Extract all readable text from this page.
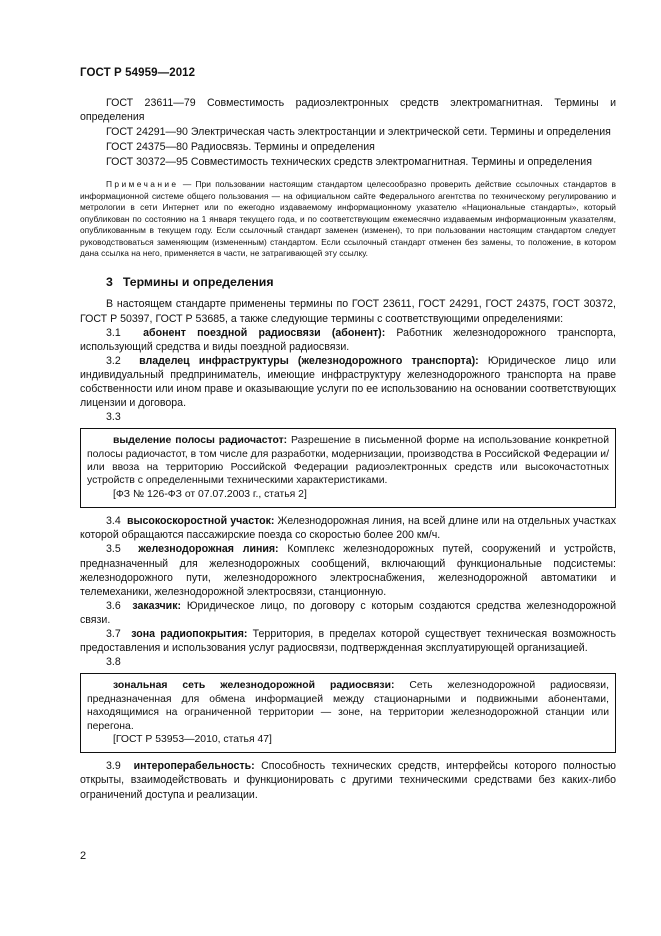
ГОСТ Р 54959—2012

ГОСТ 23611—79 Совместимость радиоэлектронных средств электромагнитная. Термины и определения

ГОСТ 24291—90 Электрическая часть электростанции и электрической сети. Термины и определения

ГОСТ 24375—80 Радиосвязь. Термины и определения

ГОСТ 30372—95 Совместимость технических средств электромагнитная. Термины и определения

Примечание — При пользовании настоящим стандартом целесообразно проверить действие ссылочных стандартов в информационной системе общего пользования — на официальном сайте Федерального агентства по техническому регулированию и метрологии в сети Интернет или по ежегодно издаваемому информационному указателю «Национальные стандарты», который опубликован по состоянию на 1 января текущего года, и по соответствующим ежемесячно издаваемым информационным указателям, опубликованным в текущем году. Если ссылочный стандарт заменен (изменен), то при пользовании настоящим стандартом следует руководствоваться заменяющим (измененным) стандартом. Если ссылочный стандарт отменен без замены, то положение, в котором дана ссылка на него, применяется в части, не затрагивающей эту ссылку.

3 Термины и определения

В настоящем стандарте применены термины по ГОСТ 23611, ГОСТ 24291, ГОСТ 24375, ГОСТ 30372, ГОСТ Р 50397, ГОСТ Р 53685, а также следующие термины с соответствующими определениями:

3.1 абонент поездной радиосвязи (абонент): Работник железнодорожного транспорта, использующий средства и виды поездной радиосвязи.

3.2 владелец инфраструктуры (железнодорожного транспорта): Юридическое лицо или индивидуальный предприниматель, имеющие инфраструктуру железнодорожного транспорта на праве собственности или ином праве и оказывающие услуги по ее использованию на основании соответствующих лицензии и договора.

3.3

выделение полосы радиочастот: Разрешение в письменной форме на использование конкретной полосы радиочастот, в том числе для разработки, модернизации, производства в Российской Федерации и/или ввоза на территорию Российской Федерации радиоэлектронных средств или высокочастотных устройств с определенными техническими характеристиками.

[ФЗ № 126-ФЗ от 07.07.2003 г., статья 2]

3.4 высокоскоростной участок: Железнодорожная линия, на всей длине или на отдельных участках которой обращаются пассажирские поезда со скоростью более 200 км/ч.

3.5 железнодорожная линия: Комплекс железнодорожных путей, сооружений и устройств, предназначенный для железнодорожных сообщений, включающий функциональные подсистемы: железнодорожного пути, железнодорожного электроснабжения, железнодорожной автоматики и телемеханики, железнодорожной электросвязи, станционную.

3.6 заказчик: Юридическое лицо, по договору с которым создаются средства железнодорожной связи.

3.7 зона радиопокрытия: Территория, в пределах которой существует техническая возможность предоставления и использования услуг радиосвязи, подтвержденная эксплуатирующей организацией.

3.8

зональная сеть железнодорожной радиосвязи: Сеть железнодорожной радиосвязи, предназначенная для обмена информацией между стационарными и подвижными абонентами, находящимися на ограниченной территории — зоне, на территории железнодорожной станции или перегона.

[ГОСТ Р 53953—2010, статья 47]

3.9 интероперабельность: Способность технических средств, интерфейсы которого полностью открыты, взаимодействовать и функционировать с другими техническими средствами без каких-либо ограничений доступа и реализации.

2
